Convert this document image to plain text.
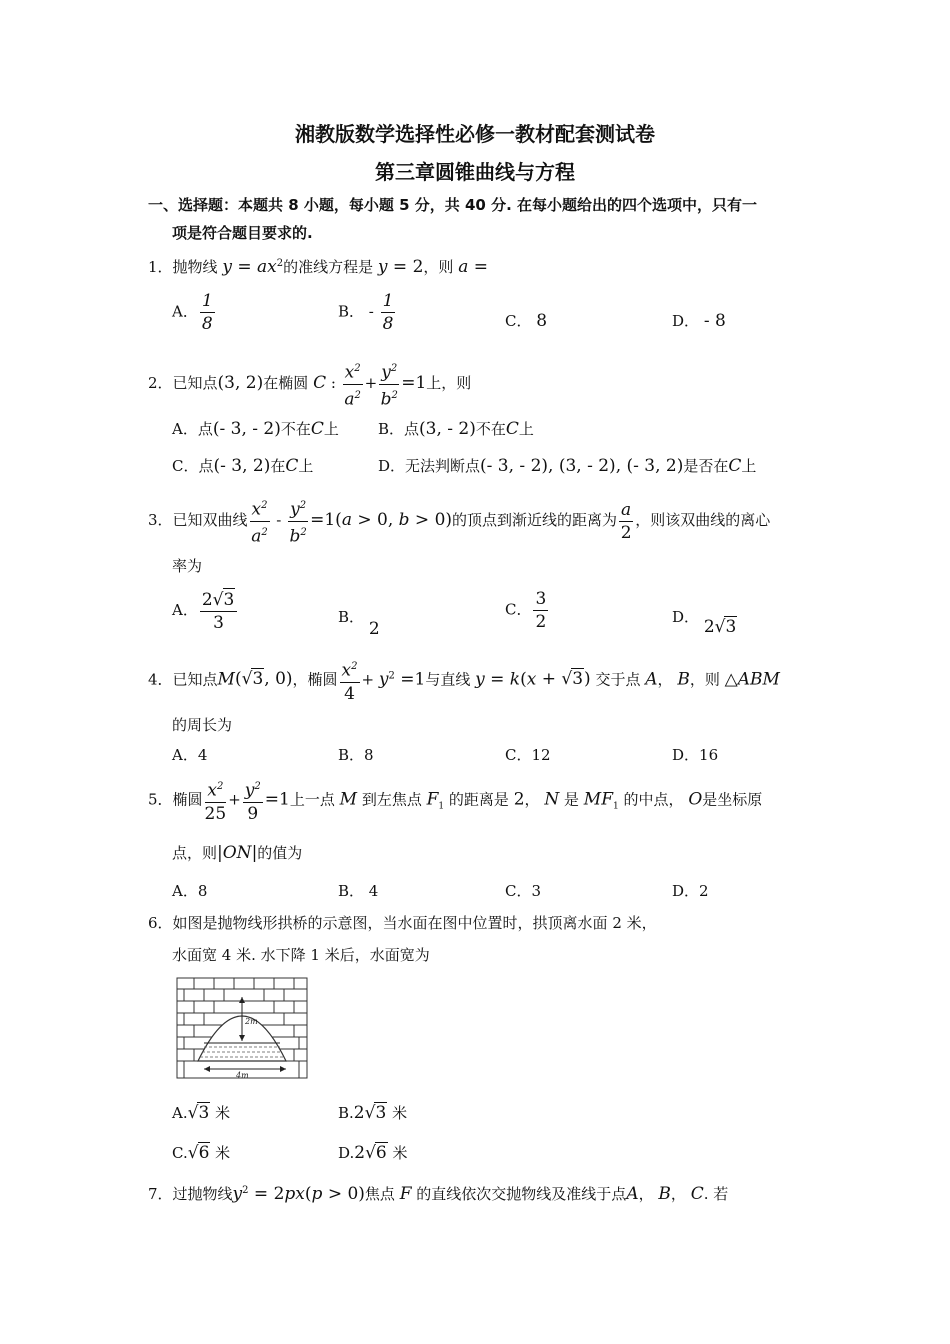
湘教版数学选择性必修一教材配套测试卷
第三章圆锥曲线与方程
一、选择题：本题共 8 小题，每小题 5 分，共 40 分. 在每小题给出的四个选项中，只有一
项是符合题目要求的.
1．抛物线 $y = ax^2$的准线方程是 y = 2，则 a =
A． $\frac{1}{8}$	B． - $\frac{1}{8}$	C． 8	D． - 8
2．已知点(3, 2)在椭圆 C : $\frac{x^2}{a^2} + \frac{y^2}{b^2} =1$上，则
A．点(- 3, - 2)不在C上	B．点(3, - 2)不在C上
C．点(- 3, 2)在C上	D．无法判断点(- 3, - 2), (3, - 2), (- 3, 2)是否在C上
3．已知双曲线 $\frac{x^2}{a^2} - \frac{y^2}{b^2} =1(a > 0$, b > 0)的顶点到渐近线的距离为 $\frac{a}{2}$ ，则该双曲线的离心
率为
A． $\frac{2√3}{3}$	B． 2
C． $\frac{3}{2}$	D． 2√3
4．已知点M(√3, 0)，椭圆 $\frac{x^2}{4} + y^2 =1$与直线 y = k(x + √3) 交于点 A， B，则 △ABM
的周长为
A．4	B．8	C．12	D．16
5．椭圆 $\frac{x^2}{25} + \frac{y^2}{9} =1$上一点 M 到左焦点 $F_1$ 的距离是 2， N 是 $MF_1$ 的中点， O是坐标原
点，则|ON|的值为
A．8	B． 4	C．3	D．2
6．如图是抛物线形拱桥的示意图，当水面在图中位置时，拱顶离水面 2 米，
水面宽 4 米. 水下降 1 米后，水面宽为
2m
4m
A.√3 米	B.2√3 米
C.√6 米	D.2√6 米
7．过抛物线$y^2 = 2px(p > 0)$焦点 F 的直线依次交抛物线及准线于点A， B， C. 若
